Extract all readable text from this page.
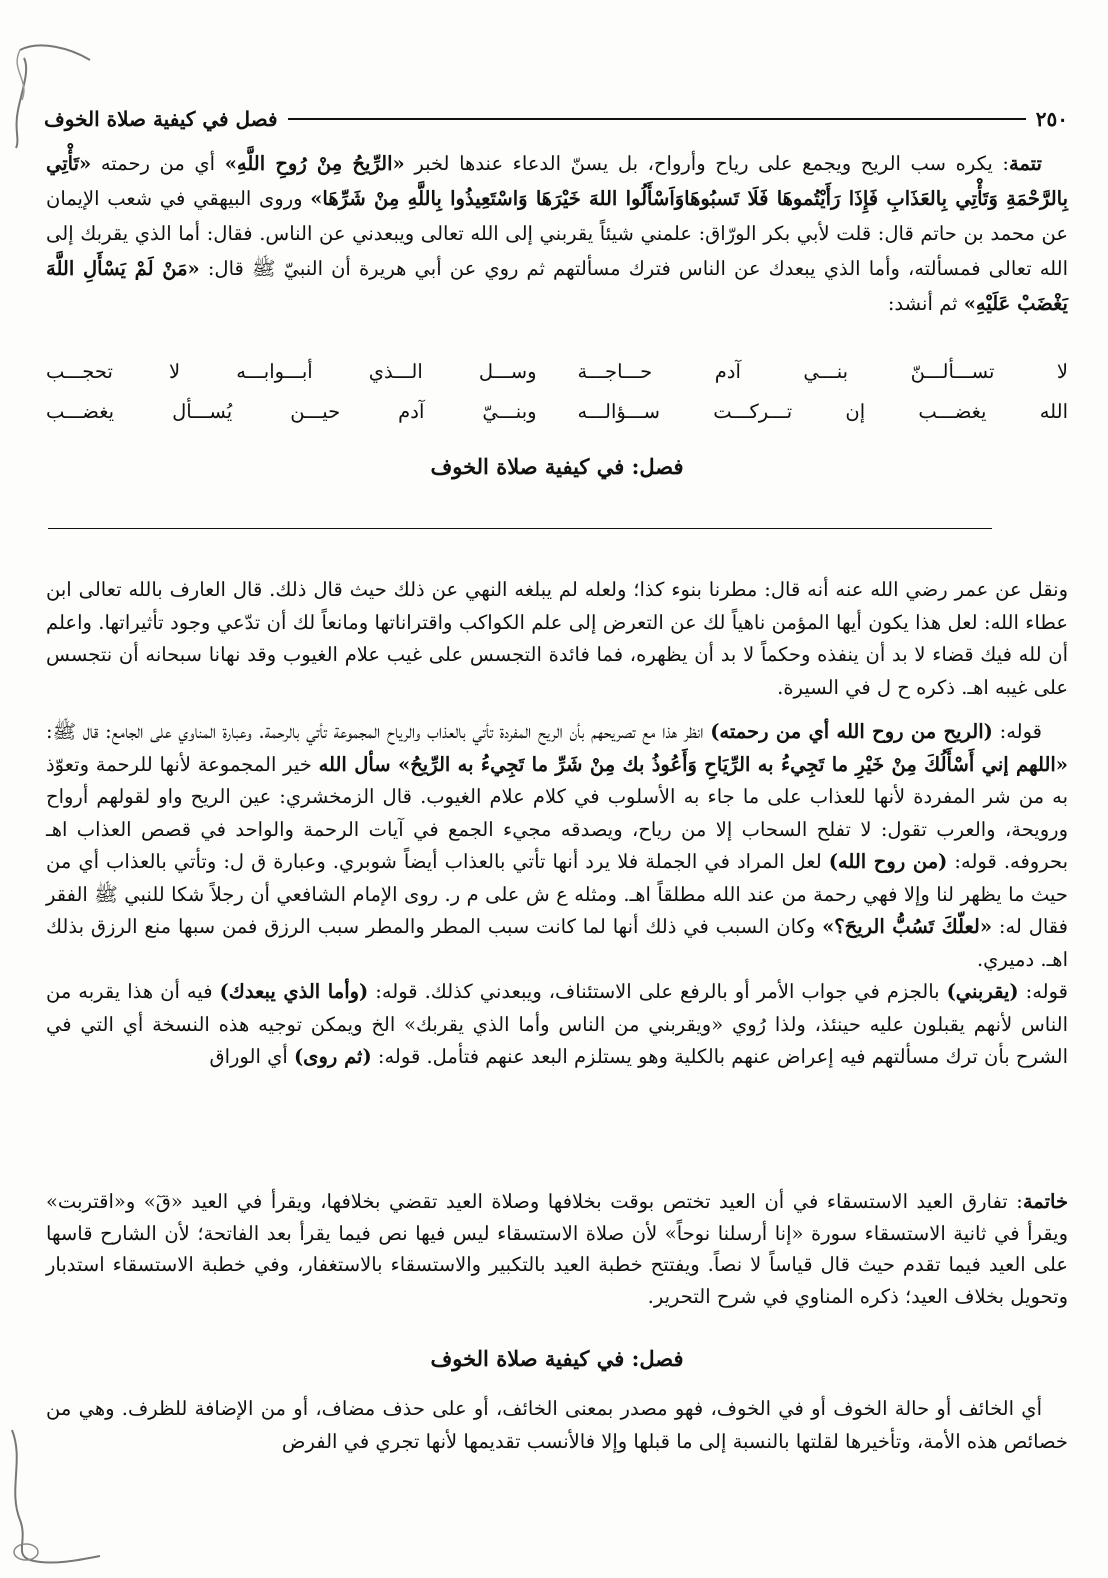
٢٥٠
فصل في كيفية صلاة الخوف

تتمة: يكره سب الريح ويجمع على رياح وأرواح، بل يسنّ الدعاء عندها لخبر «الرِّيحُ مِنْ رُوحِ اللَّهِ» أي من رحمته «تَأْتِي بِالرَّحْمَةِ وَتَأْتِي بِالعَذَابِ فَإِذَا رَأَيْتُموهَا فَلَا تَسبُوهَاوَاَسْأَلُوا اللهَ خَيْرَهَا وَاسْتَعِيذُوا بِاللَّهِ مِنْ شَرِّهَا» وروى البيهقي في شعب الإيمان عن محمد بن حاتم قال: قلت لأبي بكر الورّاق: علمني شيئاً يقربني إلى الله تعالى ويبعدني عن الناس. فقال: أما الذي يقربك إلى الله تعالى فمسألته، وأما الذي يبعدك عن الناس فترك مسألتهم ثم روي عن أبي هريرة أن النبيّ ﷺ قال: «مَنْ لَمْ يَسْأَلِ اللَّهَ يَغْضَبْ عَلَيْهِ» ثم أنشد:

لا تســـألـــنّ بنـــي آدم حـــاجـــة
وســـل الـــذي أبـــوابـــه لا تحجـــب
الله يغضـــب إن تـــركـــت ســـؤالـــه
وبنـــيّ آدم حيـــن يُســـأل يغضـــب
فصل: في كيفية صلاة الخوف

ونقل عن عمر رضي الله عنه أنه قال: مطرنا بنوء كذا؛ ولعله لم يبلغه النهي عن ذلك حيث قال ذلك. قال العارف بالله تعالى ابن عطاء الله: لعل هذا يكون أيها المؤمن ناهياً لك عن التعرض إلى علم الكواكب واقتراناتها ومانعاً لك أن تدّعي وجود تأثيراتها. واعلم أن لله فيك قضاء لا بد أن ينفذه وحكماً لا بد أن يظهره، فما فائدة التجسس على غيب علام الغيوب وقد نهانا سبحانه أن نتجسس على غيبه اهـ. ذكره ح ل في السيرة.

قوله: (الريح من روح الله أي من رحمته) انظر هذا مع تصريحهم بأن الريح المفردة تأتي بالعذاب والرياح المجموعة تأتي بالرحمة. وعبارة المناوي على الجامع: قال ﷺ: «اللهم إني أَسْأَلُكَ مِنْ خَيْرِ ما تَجِيءُ به الرِّيَاحِ وَأَعُوذُ بك مِنْ شَرِّ ما تَجِيءُ به الرِّيحُ» سأل الله خير المجموعة لأنها للرحمة وتعوّذ به من شر المفردة لأنها للعذاب على ما جاء به الأسلوب في كلام علام الغيوب. قال الزمخشري: عين الريح واو لقولهم أرواح ورويحة، والعرب تقول: لا تفلح السحاب إلا من رياح، ويصدقه مجيء الجمع في آيات الرحمة والواحد في قصص العذاب اهـ بحروفه. قوله: (من روح الله) لعل المراد في الجملة فلا يرد أنها تأتي بالعذاب أيضاً شوبري. وعبارة ق ل: وتأتي بالعذاب أي من حيث ما يظهر لنا وإلا فهي رحمة من عند الله مطلقاً اهـ. ومثله ع ش على م ر. روى الإمام الشافعي أن رجلاً شكا للنبي ﷺ الفقر فقال له: «لعلّكَ تَسُبُّ الريحَ؟» وكان السبب في ذلك أنها لما كانت سبب المطر والمطر سبب الرزق فمن سبها منع الرزق بذلك اهـ. دميري.

قوله: (يقربني) بالجزم في جواب الأمر أو بالرفع على الاستئناف، ويبعدني كذلك. قوله: (وأما الذي يبعدك) فيه أن هذا يقربه من الناس لأنهم يقبلون عليه حينئذ، ولذا رُوي «ويقربني من الناس وأما الذي يقربك» الخ ويمكن توجيه هذه النسخة أي التي في الشرح بأن ترك مسألتهم فيه إعراض عنهم بالكلية وهو يستلزم البعد عنهم فتأمل. قوله: (ثم روى) أي الوراق

خاتمة: تفارق العيد الاستسقاء في أن العيد تختص بوقت بخلافها وصلاة العيد تقضي بخلافها، ويقرأ في العيد «قٓ» و«اقتربت» ويقرأ في ثانية الاستسقاء سورة «إنا أرسلنا نوحاً» لأن صلاة الاستسقاء ليس فيها نص فيما يقرأ بعد الفاتحة؛ لأن الشارح قاسها على العيد فيما تقدم حيث قال قياساً لا نصاً. ويفتتح خطبة العيد بالتكبير والاستسقاء بالاستغفار، وفي خطبة الاستسقاء استدبار وتحويل بخلاف العيد؛ ذكره المناوي في شرح التحرير.

فصل: في كيفية صلاة الخوف

أي الخائف أو حالة الخوف أو في الخوف، فهو مصدر بمعنى الخائف، أو على حذف مضاف، أو من الإضافة للظرف. وهي من خصائص هذه الأمة، وتأخيرها لقلتها بالنسبة إلى ما قبلها وإلا فالأنسب تقديمها لأنها تجري في الفرض
